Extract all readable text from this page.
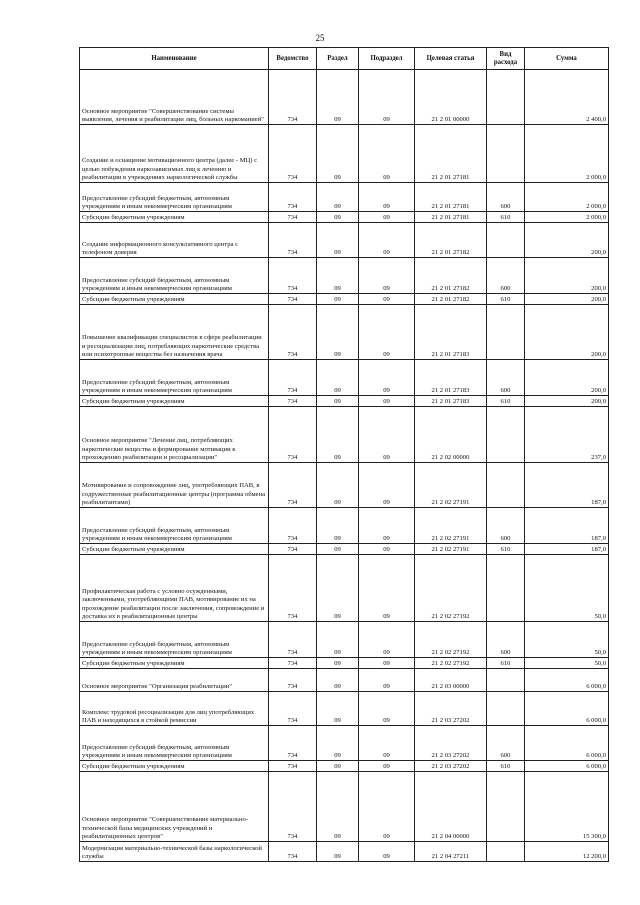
25
Наименование	Ведомство	Раздел	Подраздел	Целевая статья	Вид расхода	Сумма
Основное мероприятие "Совершенствование системы выявления, лечения и реабилитации лиц, больных наркоманией"	734	09	09	21 2 01 00000		2 400,0
Создание и оснащение мотивационного центра (далее - МЦ) с целью побуждения наркозависимых лиц к лечению и реабилитации в учреждениях наркологической службы	734	09	09	21 2 01 27181		2 000,0
Предоставление субсидий бюджетным, автономным учреждениям и иным некоммерческим организациям	734	09	09	21 2 01 27181	600	2 000,0
Субсидии бюджетным учреждениям	734	09	09	21 2 01 27181	610	2 000,0
Создание информационного консультативного центра с телефоном доверия	734	09	09	21 2 01 27182		200,0
Предоставление субсидий бюджетным, автономным учреждениям и иным некоммерческим организациям	734	09	09	21 2 01 27182	600	200,0
Субсидии бюджетным учреждениям	734	09	09	21 2 01 27182	610	200,0
Повышение квалификации специалистов в сфере реабилитации и ресоциализации лиц, потребляющих наркотические средства или психотропные вещества без назначения врача	734	09	09	21 2 01 27183		200,0
Предоставление субсидий бюджетным, автономным учреждениям и иным некоммерческим организациям	734	09	09	21 2 01 27183	600	200,0
Субсидии бюджетным учреждениям	734	09	09	21 2 01 27183	610	200,0
Основное мероприятие "Лечение лиц, потребляющих наркотические вещества и формирование мотивации к прохождению реабилитации и ресоциализации"	734	09	09	21 2 02 00000		237,0
Мотивирование и сопровождение лиц, употребляющих ПАВ, в содружественные реабилитационные центры (программа обмена реабилитантами)	734	09	09	21 2 02 27191		187,0
Предоставление субсидий бюджетным, автономным учреждениям и иным некоммерческим организациям	734	09	09	21 2 02 27191	600	187,0
Субсидии бюджетным учреждениям	734	09	09	21 2 02 27191	610	187,0
Профилактическая работа с условно осужденными, заключенными, употребляющими ПАВ, мотивирование их на прохождение реабилитации после заключения, сопровождение и доставка их в реабилитационные центры	734	09	09	21 2 02 27192		50,0
Предоставление субсидий бюджетным, автономным учреждениям и иным некоммерческим организациям	734	09	09	21 2 02 27192	600	50,0
Субсидии бюджетным учреждениям	734	09	09	21 2 02 27192	610	50,0
Основное мероприятие "Организация реабилитации"	734	09	09	21 2 03 00000		6 000,0
Комплекс трудовой ресоциализации для лиц употребляющих ПАВ и находящихся в стойкой ремиссии	734	09	09	21 2 03 27202		6 000,0
Предоставление субсидий бюджетным, автономным учреждениям и иным некоммерческим организациям	734	09	09	21 2 03 27202	600	6 000,0
Субсидии бюджетным учреждениям	734	09	09	21 2 03 27202	610	6 000,0
Основное мероприятие "Совершенствование материально-технической базы медицинских учреждений и реабилитационных центров"	734	09	09	21 2 04 00000		15 300,0
Модернизация материально-технической базы наркологической службы	734	09	09	21 2 04 27211		12 200,0
